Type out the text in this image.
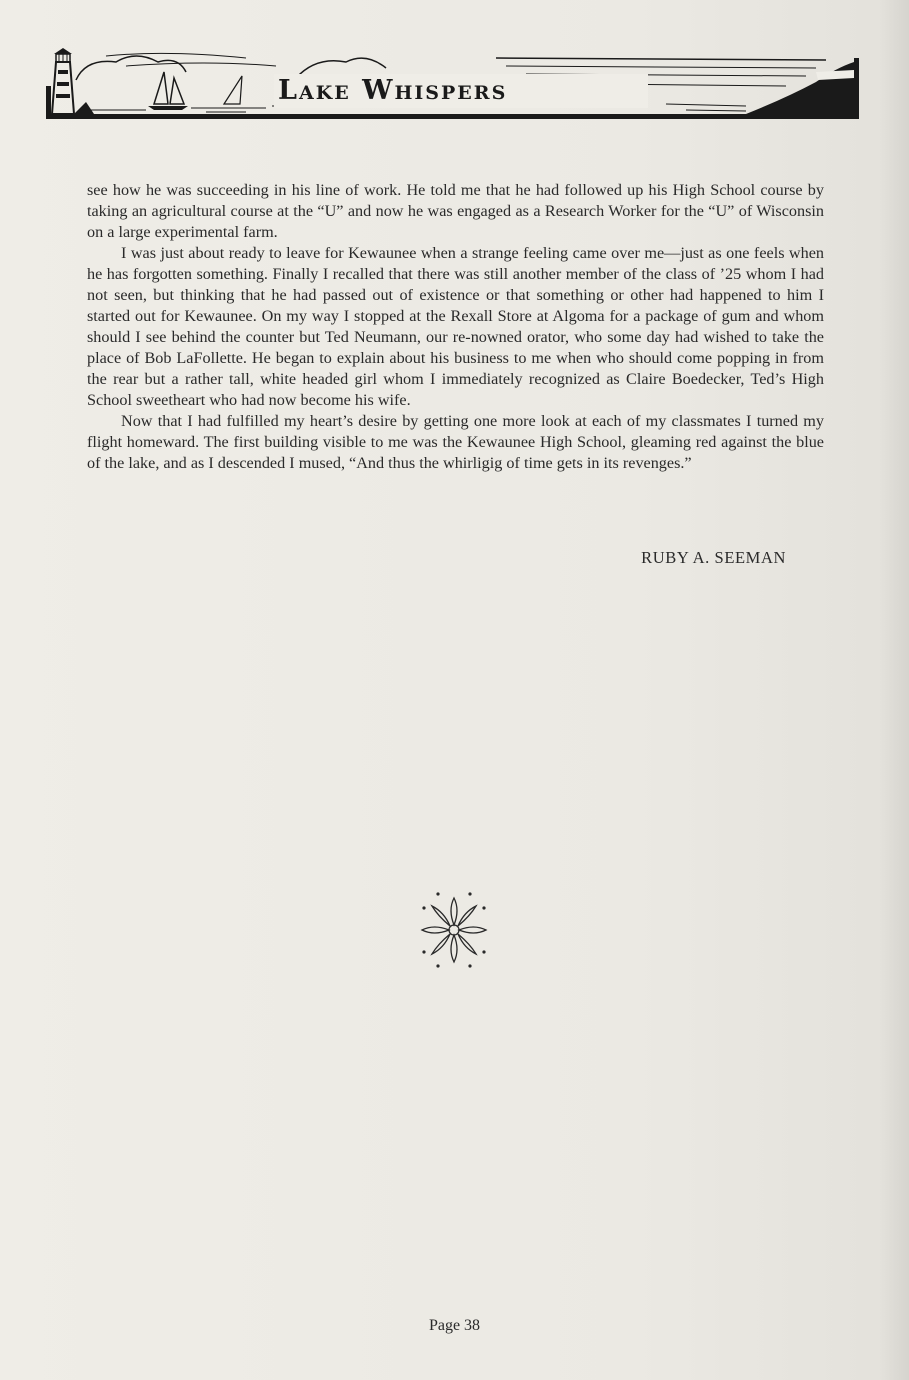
Lake Whispers

see how he was succeeding in his line of work. He told me that he had followed up his High School course by taking an agricultural course at the “U” and now he was engaged as a Research Worker for the “U” of Wisconsin on a large experimental farm.

I was just about ready to leave for Kewaunee when a strange feeling came over me—just as one feels when he has forgotten something. Finally I recalled that there was still another member of the class of ’25 whom I had not seen, but thinking that he had passed out of existence or that something or other had happened to him I started out for Kewaunee. On my way I stopped at the Rexall Store at Algoma for a package of gum and whom should I see behind the counter but Ted Neumann, our re-nowned orator, who some day had wished to take the place of Bob LaFollette. He began to explain about his business to me when who should come popping in from the rear but a rather tall, white headed girl whom I immediately recognized as Claire Boedecker, Ted’s High School sweetheart who had now become his wife.

Now that I had fulfilled my heart’s desire by getting one more look at each of my classmates I turned my flight homeward. The first building visible to me was the Kewaunee High School, gleaming red against the blue of the lake, and as I descended I mused, “And thus the whirligig of time gets in its revenges.”

RUBY A. SEEMAN
Page 38
